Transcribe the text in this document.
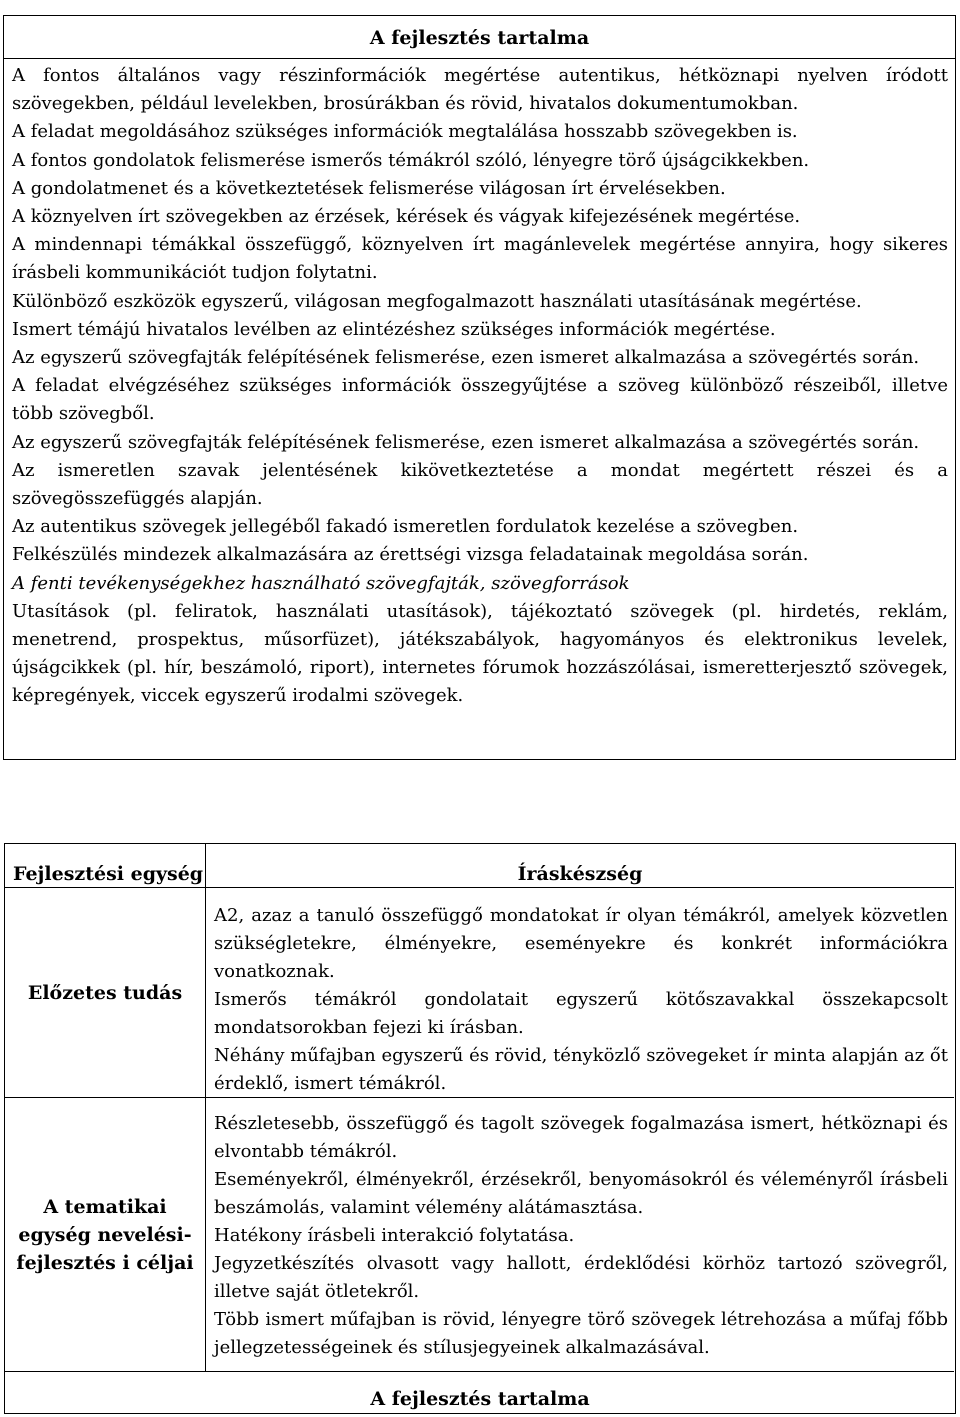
A fejlesztés tartalma

A fontos általános vagy részinformációk megértése autentikus, hétköznapi nyelven íródott szövegekben, például levelekben, brosúrákban és rövid, hivatalos dokumentumokban.

A feladat megoldásához szükséges információk megtalálása hosszabb szövegekben is.

A fontos gondolatok felismerése ismerős témákról szóló, lényegre törő újságcikkekben.

A gondolatmenet és a következtetések felismerése világosan írt érvelésekben.

A köznyelven írt szövegekben az érzések, kérések és vágyak kifejezésének megértése.

A mindennapi témákkal összefüggő, köznyelven írt magánlevelek megértése annyira, hogy sikeres írásbeli kommunikációt tudjon folytatni.

Különböző eszközök egyszerű, világosan megfogalmazott használati utasításának megértése.

Ismert témájú hivatalos levélben az elintézéshez szükséges információk megértése.

Az egyszerű szövegfajták felépítésének felismerése, ezen ismeret alkalmazása a szövegértés során.

A feladat elvégzéséhez szükséges információk összegyűjtése a szöveg különböző részeiből, illetve több szövegből.

Az egyszerű szövegfajták felépítésének felismerése, ezen ismeret alkalmazása a szövegértés során.

Az ismeretlen szavak jelentésének kikövetkeztetése a mondat megértett részei és a szövegösszefüggés alapján.

Az autentikus szövegek jellegéből fakadó ismeretlen fordulatok kezelése a szövegben.

Felkészülés mindezek alkalmazására az érettségi vizsga feladatainak megoldása során.

A fenti tevékenységekhez használható szövegfajták, szövegforrások

Utasítások (pl. feliratok, használati utasítások), tájékoztató szövegek (pl. hirdetés, reklám, menetrend, prospektus, műsorfüzet), játékszabályok, hagyományos és elektronikus levelek, újságcikkek (pl. hír, beszámoló, riport), internetes fórumok hozzászólásai, ismeretterjesztő szövegek, képregények, viccek egyszerű irodalmi szövegek.

Fejlesztési egység	Íráskészség
Előzetes tudás

A2, azaz a tanuló összefüggő mondatokat ír olyan témákról, amelyek közvetlen szükségletekre, élményekre, eseményekre és konkrét információkra vonatkoznak.

Ismerős témákról gondolatait egyszerű kötőszavakkal összekapcsolt mondatsorokban fejezi ki írásban.

Néhány műfajban egyszerű és rövid, tényközlő szövegeket ír minta alapján az őt érdeklő, ismert témákról.

A tematikai egység nevelési-fejlesztés i céljai

Részletesebb, összefüggő és tagolt szövegek fogalmazása ismert, hétköznapi és elvontabb témákról.

Eseményekről, élményekről, érzésekről, benyomásokról és véleményről írásbeli beszámolás, valamint vélemény alátámasztása.

Hatékony írásbeli interakció folytatása.

Jegyzetkészítés olvasott vagy hallott, érdeklődési körhöz tartozó szövegről, illetve saját ötletekről.

Több ismert műfajban is rövid, lényegre törő szövegek létrehozása a műfaj főbb jellegzetességeinek és stílusjegyeinek alkalmazásával.

A fejlesztés tartalma
